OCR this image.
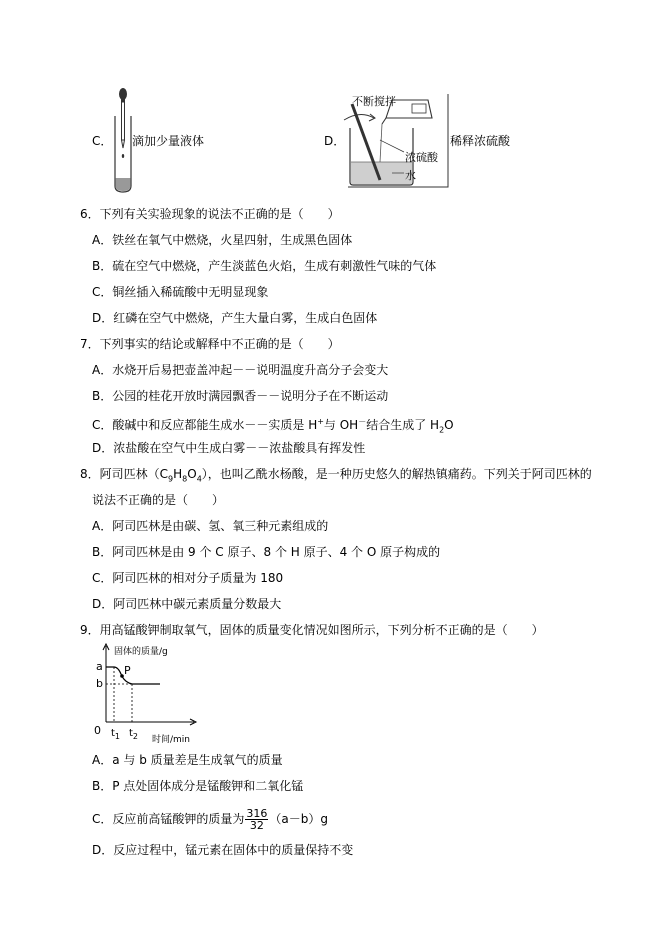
C． 滴加少量液体	D．
不断搅拌
浓硫酸
水
稀释浓硫酸
6．下列有关实验现象的说法不正确的是（　　）
A．铁丝在氧气中燃烧，火星四射，生成黑色固体
B．硫在空气中燃烧，产生淡蓝色火焰，生成有刺激性气味的气体
C．铜丝插入稀硫酸中无明显现象
D．红磷在空气中燃烧，产生大量白雾，生成白色固体
7．下列事实的结论或解释中不正确的是（　　）
A．水烧开后易把壶盖冲起－－说明温度升高分子会变大
B．公园的桂花开放时满园飘香－－说明分子在不断运动
C．酸碱中和反应都能生成水－－实质是 H+与 OH－结合生成了 $H_2O$
D．浓盐酸在空气中生成白雾－－浓盐酸具有挥发性
8．阿司匹林$(C_9H_8O_4)$，也叫乙酰水杨酸，是一种历史悠久的解热镇痛药。下列关于阿司匹林的
说法不正确的是（　　）
A．阿司匹林是由碳、氢、氧三种元素组成的
B．阿司匹林是由 9 个 C 原子、8 个 H 原子、4 个 O 原子构成的
C．阿司匹林的相对分子质量为 180
D．阿司匹林中碳元素质量分数最大
9．用高锰酸钾制取氧气，固体的质量变化情况如图所示，下列分析不正确的是（　　）
固体的质量/g
a
b
P
0 $t_1$ $t_2$ 时间/min
A．a 与 b 质量差是生成氧气的质量
B．P 点处固体成分是锰酸钾和二氧化锰
C．反应前高锰酸钾的质量为 $\frac{316}{32} (a-b)g$
D．反应过程中，锰元素在固体中的质量保持不变
